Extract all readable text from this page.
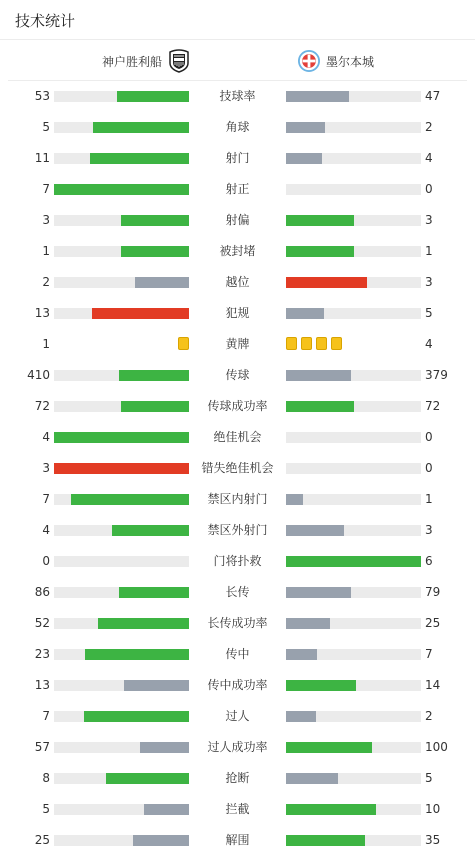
技术统计
神户胜利船	墨尔本城
53	技球率	47
5	角球	2
11	射门	4
7	射正	0
3	射偏	3
1	被封堵	1
2	越位	3
13	犯规	5
1	黄牌	4
410	传球	379
72	传球成功率	72
4	绝佳机会	0
3	错失绝佳机会	0
7	禁区内射门	1
4	禁区外射门	3
0	门将扑救	6
86	长传	79
52	长传成功率	25
23	传中	7
13	传中成功率	14
7	过人	2
57	过人成功率	100
8	抢断	5
5	拦截	10
25	解围	35
